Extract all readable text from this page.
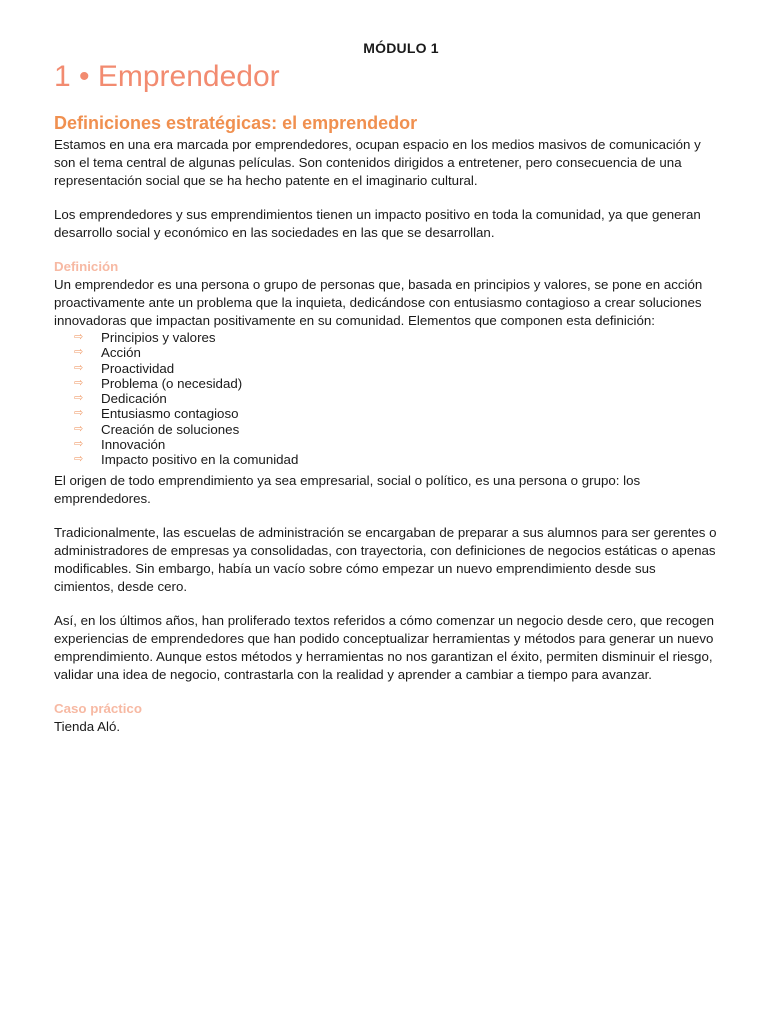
MÓDULO 1
1 • Emprendedor
Definiciones estratégicas: el emprendedor

Estamos en una era marcada por emprendedores, ocupan espacio en los medios masivos de comunicación y son el tema central de algunas películas. Son contenidos dirigidos a entretener, pero consecuencia de una representación social que se ha hecho patente en el imaginario cultural.

Los emprendedores y sus emprendimientos tienen un impacto positivo en toda la comunidad, ya que generan desarrollo social y económico en las sociedades en las que se desarrollan.

Definición

Un emprendedor es una persona o grupo de personas que, basada en principios y valores, se pone en acción proactivamente ante un problema que la inquieta, dedicándose con entusiasmo contagioso a crear soluciones innovadoras que impactan positivamente en su comunidad. Elementos que componen esta definición:

⇨	Principios y valores
⇨	Acción
⇨	Proactividad
⇨	Problema (o necesidad)
⇨	Dedicación
⇨	Entusiasmo contagioso
⇨	Creación de soluciones
⇨	Innovación
⇨	Impacto positivo en la comunidad

El origen de todo emprendimiento ya sea empresarial, social o político, es una persona o grupo: los emprendedores.

Tradicionalmente, las escuelas de administración se encargaban de preparar a sus alumnos para ser gerentes o administradores de empresas ya consolidadas, con trayectoria, con definiciones de negocios estáticas o apenas modificables. Sin embargo, había un vacío sobre cómo empezar un nuevo emprendimiento desde sus cimientos, desde cero.

Así, en los últimos años, han proliferado textos referidos a cómo comenzar un negocio desde cero, que recogen experiencias de emprendedores que han podido conceptualizar herramientas y métodos para generar un nuevo emprendimiento. Aunque estos métodos y herramientas no nos garantizan el éxito, permiten disminuir el riesgo, validar una idea de negocio, contrastarla con la realidad y aprender a cambiar a tiempo para avanzar.

Caso práctico

Tienda Aló.
